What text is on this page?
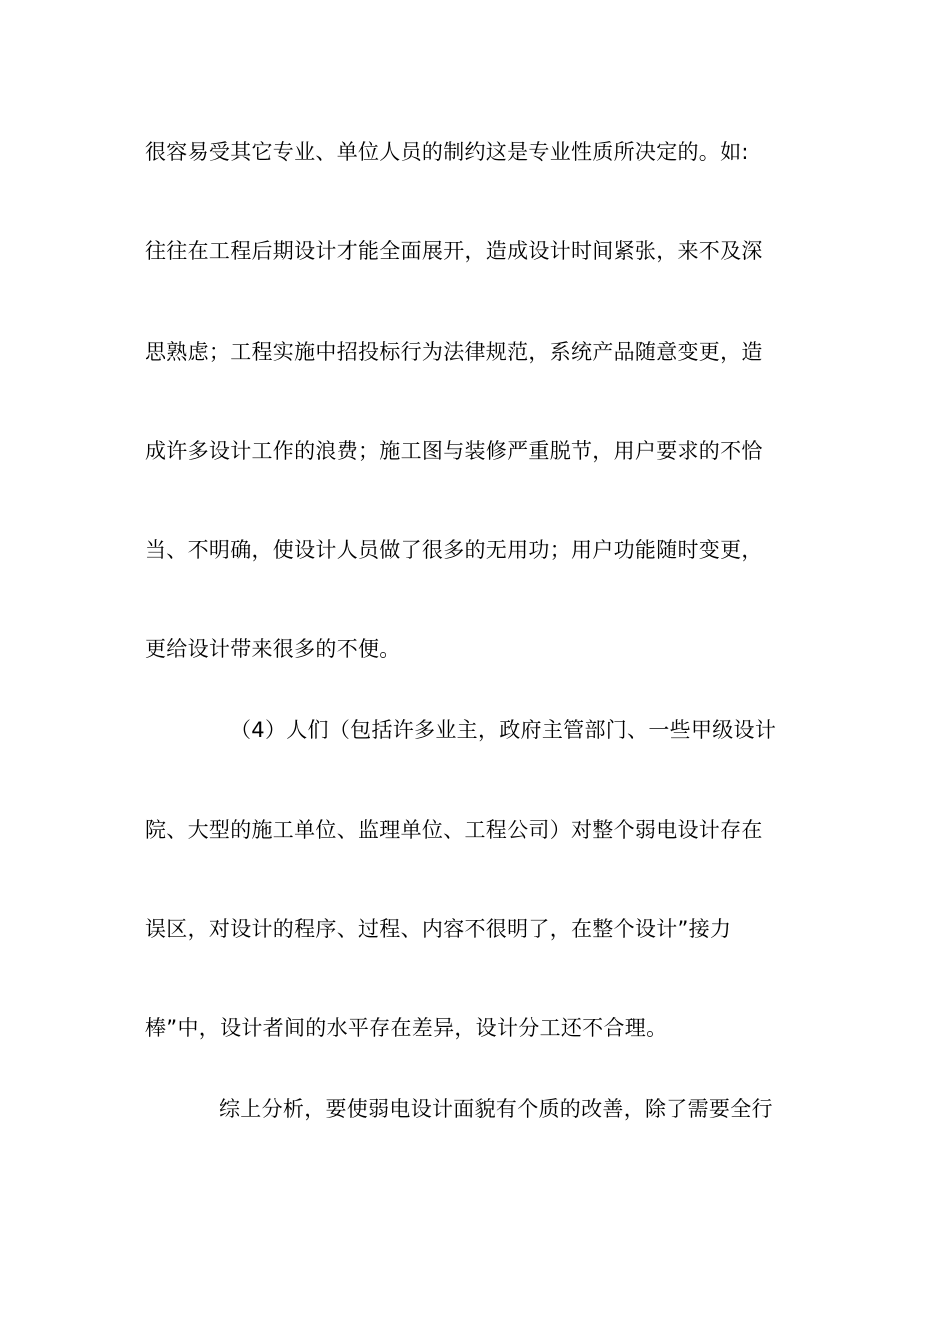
很容易受其它专业、单位人员的制约这是专业性质所决定的。如:
往往在工程后期设计才能全面展开，造成设计时间紧张，来不及深
思熟虑；工程实施中招投标行为法律规范，系统产品随意变更，造
成许多设计工作的浪费；施工图与装修严重脱节，用户要求的不恰
当、不明确，使设计人员做了很多的无用功；用户功能随时变更，
更给设计带来很多的不便。
（4）人们（包括许多业主，政府主管部门、一些甲级设计
院、大型的施工单位、监理单位、工程公司）对整个弱电设计存在
误区，对设计的程序、过程、内容不很明了，在整个设计”接力
棒”中，设计者间的水平存在差异，设计分工还不合理。
综上分析，要使弱电设计面貌有个质的改善，除了需要全行
